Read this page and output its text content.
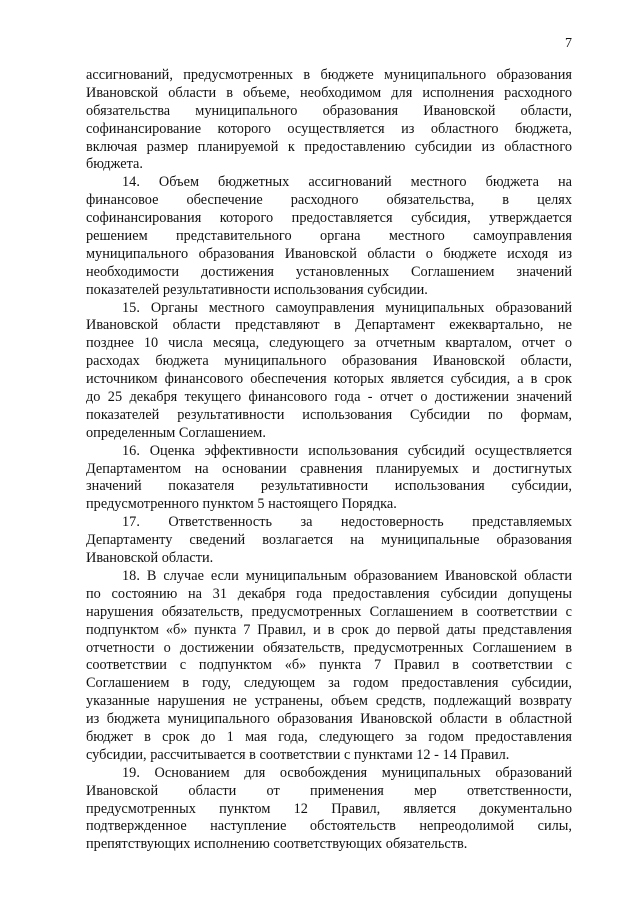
7
ассигнований, предусмотренных в бюджете муниципального образования
Ивановской области в объеме, необходимом для исполнения расходного
обязательства муниципального образования Ивановской области,
софинансирование которого осуществляется из областного бюджета,
включая размер планируемой к предоставлению субсидии из областного
бюджета.
14. Объем бюджетных ассигнований местного бюджета на
финансовое обеспечение расходного обязательства, в целях
софинансирования которого предоставляется субсидия, утверждается
решением представительного органа местного самоуправления
муниципального образования Ивановской области о бюджете исходя из
необходимости достижения установленных Соглашением значений
показателей результативности использования субсидии.
15. Органы местного самоуправления муниципальных образований
Ивановской области представляют в Департамент ежеквартально, не
позднее 10 числа месяца, следующего за отчетным кварталом, отчет о
расходах бюджета муниципального образования Ивановской области,
источником финансового обеспечения которых является субсидия, а в срок
до 25 декабря текущего финансового года - отчет о достижении значений
показателей результативности использования Субсидии по формам,
определенным Соглашением.
16. Оценка эффективности использования субсидий осуществляется
Департаментом на основании сравнения планируемых и достигнутых
значений показателя результативности использования субсидии,
предусмотренного пунктом 5 настоящего Порядка.
17. Ответственность за недостоверность представляемых
Департаменту сведений возлагается на муниципальные образования
Ивановской области.
18. В случае если муниципальным образованием Ивановской области
по состоянию на 31 декабря года предоставления субсидии допущены
нарушения обязательств, предусмотренных Соглашением в соответствии с
подпунктом «б» пункта 7 Правил, и в срок до первой даты представления
отчетности о достижении обязательств, предусмотренных Соглашением в
соответствии с подпунктом «б» пункта 7 Правил в соответствии с
Соглашением в году, следующем за годом предоставления субсидии,
указанные нарушения не устранены, объем средств, подлежащий возврату
из бюджета муниципального образования Ивановской области в областной
бюджет в срок до 1 мая года, следующего за годом предоставления
субсидии, рассчитывается в соответствии с пунктами 12 - 14 Правил.
19. Основанием для освобождения муниципальных образований
Ивановской области от применения мер ответственности,
предусмотренных пунктом 12 Правил, является документально
подтвержденное наступление обстоятельств непреодолимой силы,
препятствующих исполнению соответствующих обязательств.
